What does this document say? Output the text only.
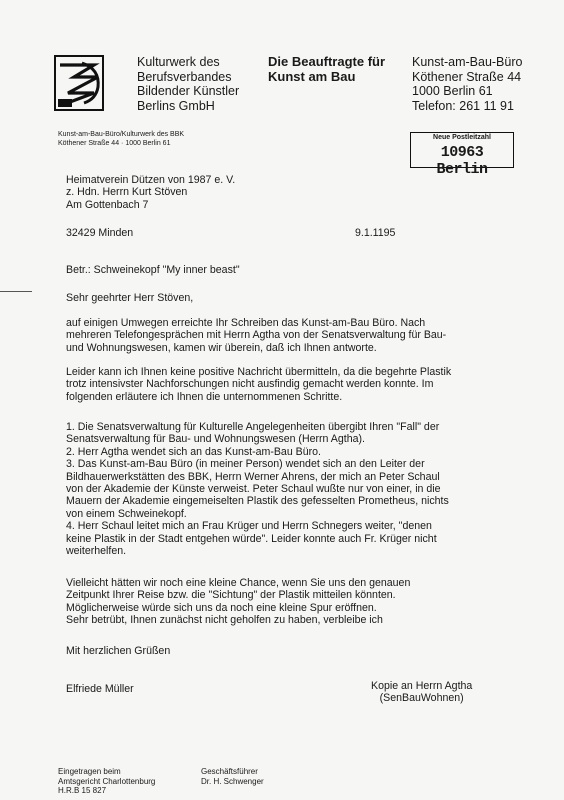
Kulturwerk des
Berufsverbandes
Bildender Künstler
Berlins GmbH
Die Beauftragte für
Kunst am Bau
Kunst-am-Bau-Büro
Köthener Straße 44
1000 Berlin 61
Telefon: 261 11 91
Kunst-am-Bau-Büro/Kulturwerk des BBK
Köthener Straße 44 · 1000 Berlin 61
Neue Postleitzahl
10963 Berlin
Heimatverein Dützen von 1987 e. V.
z. Hdn. Herrn Kurt Stöven
Am Gottenbach 7
32429 Minden	9.1.1195
Betr.: Schweinekopf "My inner beast"
Sehr geehrter Herr Stöven,
auf einigen Umwegen erreichte Ihr Schreiben das Kunst-am-Bau Büro. Nach
mehreren Telefongesprächen mit Herrn Agtha von der Senatsverwaltung für Bau-
und Wohnungswesen, kamen wir überein, daß ich Ihnen antworte.
Leider kann ich Ihnen keine positive Nachricht übermitteln, da die begehrte Plastik
trotz intensivster Nachforschungen nicht ausfindig gemacht werden konnte. Im
folgenden erläutere ich Ihnen die unternommenen Schritte.
1. Die Senatsverwaltung für Kulturelle Angelegenheiten übergibt Ihren "Fall" der
Senatsverwaltung für Bau- und Wohnungswesen (Herrn Agtha).
2. Herr Agtha wendet sich an das Kunst-am-Bau Büro.
3. Das Kunst-am-Bau Büro (in meiner Person) wendet sich an den Leiter der
Bildhauerwerkstätten des BBK, Herrn Werner Ahrens, der mich an Peter Schaul
von der Akademie der Künste verweist. Peter Schaul wußte nur von einer, in die
Mauern der Akademie eingemeiselten Plastik des gefesselten Prometheus, nichts
von einem Schweinekopf.
4. Herr Schaul leitet mich an Frau Krüger und Herrn Schnegers weiter, "denen
keine Plastik in der Stadt entgehen würde". Leider konnte auch Fr. Krüger nicht
weiterhelfen.
Vielleicht hätten wir noch eine kleine Chance, wenn Sie uns den genauen
Zeitpunkt Ihrer Reise bzw. die "Sichtung" der Plastik mitteilen könnten.
Möglicherweise würde sich uns da noch eine kleine Spur eröffnen.
Sehr betrübt, Ihnen zunächst nicht geholfen zu haben, verbleibe ich
Mit herzlichen Grüßen
Elfriede Müller	Kopie an Herrn Agtha
(SenBauWohnen)
Eingetragen beim
Amtsgericht Charlottenburg
H.R.B 15 827
Geschäftsführer
Dr. H. Schwenger
